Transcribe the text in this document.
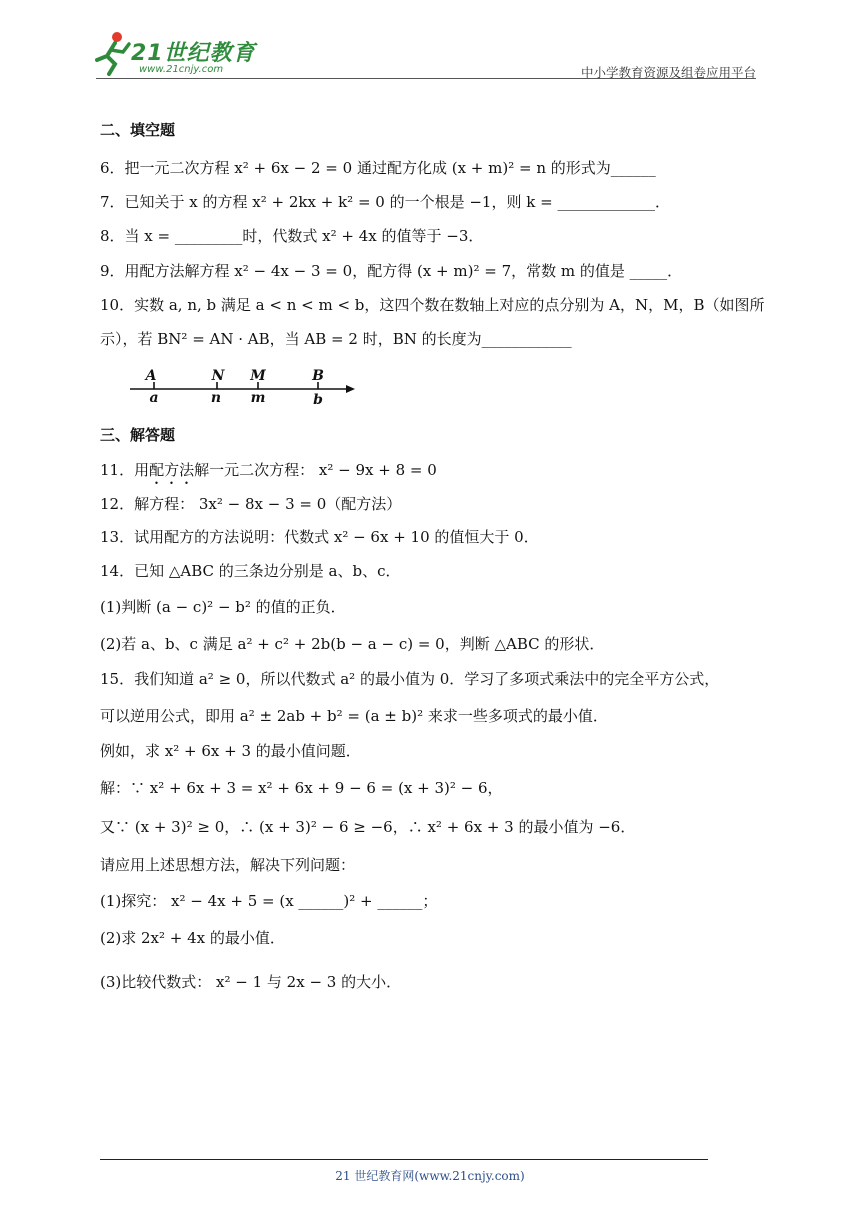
21世纪教育
www.21cnjy.com	中小学教育资源及组卷应用平台
二、填空题
6．把一元二次方程 x² + 6x − 2 = 0 通过配方化成 (x + m)² = n 的形式为______
7．已知关于 x 的方程 x² + 2kx + k² = 0 的一个根是 −1，则 k = _____________．
8．当 x = _________时，代数式 x² + 4x 的值等于 −3．
9．用配方法解方程 x² − 4x − 3 = 0，配方得 (x + m)² = 7，常数 m 的值是 _____．
10．实数 a, n, b 满足 a < n < m < b，这四个数在数轴上对应的点分别为 A，N，M，B（如图所
示），若 BN² = AN · AB，当 AB = 2 时，BN 的长度为____________
A	N M	B
a	n m	b
三、解答题
11．用配方法解一元二次方程： x² − 9x + 8 = 0
12．解方程： 3x² − 8x − 3 = 0（配方法）
13．试用配方的方法说明：代数式 x² − 6x + 10 的值恒大于 0．
14．已知 △ABC 的三条边分别是 a、b、c．
(1)判断 (a − c)² − b² 的值的正负．
(2)若 a、b、c 满足 a² + c² + 2b(b − a − c) = 0，判断 △ABC 的形状．
15．我们知道 a² ≥ 0，所以代数式 a² 的最小值为 0．学习了多项式乘法中的完全平方公式，
可以逆用公式，即用 a² ± 2ab + b² = (a ± b)² 来求一些多项式的最小值．
例如，求 x² + 6x + 3 的最小值问题．
解：∵ x² + 6x + 3 = x² + 6x + 9 − 6 = (x + 3)² − 6，
又∵ (x + 3)² ≥ 0，∴ (x + 3)² − 6 ≥ −6，∴ x² + 6x + 3 的最小值为 −6．
请应用上述思想方法，解决下列问题：
(1)探究： x² − 4x + 5 = (x ______)² + ______；
(2)求 2x² + 4x 的最小值．
(3)比较代数式： x² − 1 与 2x − 3 的大小．
21 世纪教育网(www.21cnjy.com)
